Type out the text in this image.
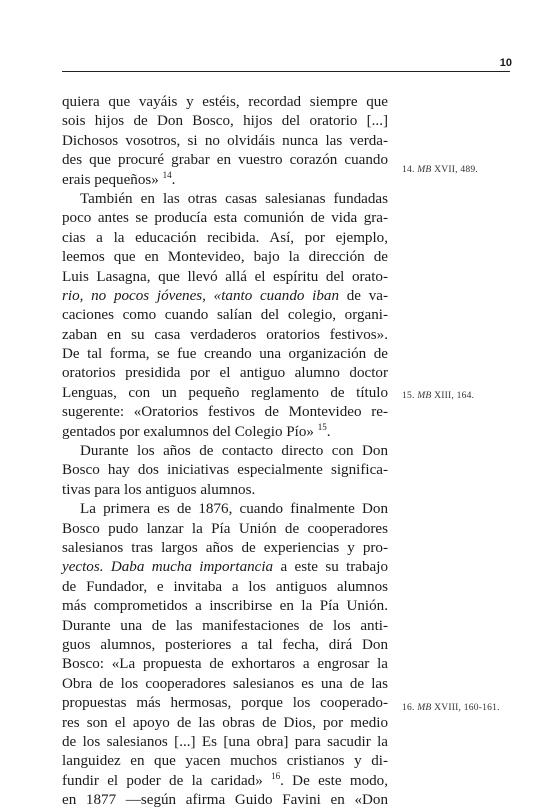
10
quiera que vayáis y estéis, recordad siempre que
sois hijos de Don Bosco, hijos del oratorio [...]
Dichosos vosotros, si no olvidáis nunca las verda-
des que procuré grabar en vuestro corazón cuando
erais pequeños» $^{14}$.
También en las otras casas salesianas fundadas
poco antes se producía esta comunión de vida gra-
cias a la educación recibida. Así, por ejemplo,
leemos que en Montevideo, bajo la dirección de
Luis Lasagna, que llevó allá el espíritu del orato-
rio, no pocos jóvenes, «tanto cuando iban de va-
caciones como cuando salían del colegio, organi-
zaban en su casa verdaderos oratorios festivos».
De tal forma, se fue creando una organización de
oratorios presidida por el antiguo alumno doctor
Lenguas, con un pequeño reglamento de título
sugerente: «Oratorios festivos de Montevideo re-
gentados por exalumnos del Colegio Pío» $^{15}$.
Durante los años de contacto directo con Don
Bosco hay dos iniciativas especialmente significa-
tivas para los antiguos alumnos.
La primera es de 1876, cuando finalmente Don
Bosco pudo lanzar la Pía Unión de cooperadores
salesianos tras largos años de experiencias y pro-
yectos. Daba mucha importancia a este su trabajo
de Fundador, e invitaba a los antiguos alumnos
más comprometidos a inscribirse en la Pía Unión.
Durante una de las manifestaciones de los anti-
guos alumnos, posteriores a tal fecha, dirá Don
Bosco: «La propuesta de exhortaros a engrosar la
Obra de los cooperadores salesianos es una de las
propuestas más hermosas, porque los cooperado-
res son el apoyo de las obras de Dios, por medio
de los salesianos [...] Es [una obra] para sacudir la
languidez en que yacen muchos cristianos y di-
fundir el poder de la caridad» $^{16}$. De este modo,
en 1877 —según afirma Guido Favini en «Don
14. MB XVII, 489.
15. MB XIII, 164.
16. MB XVIII, 160-161.
